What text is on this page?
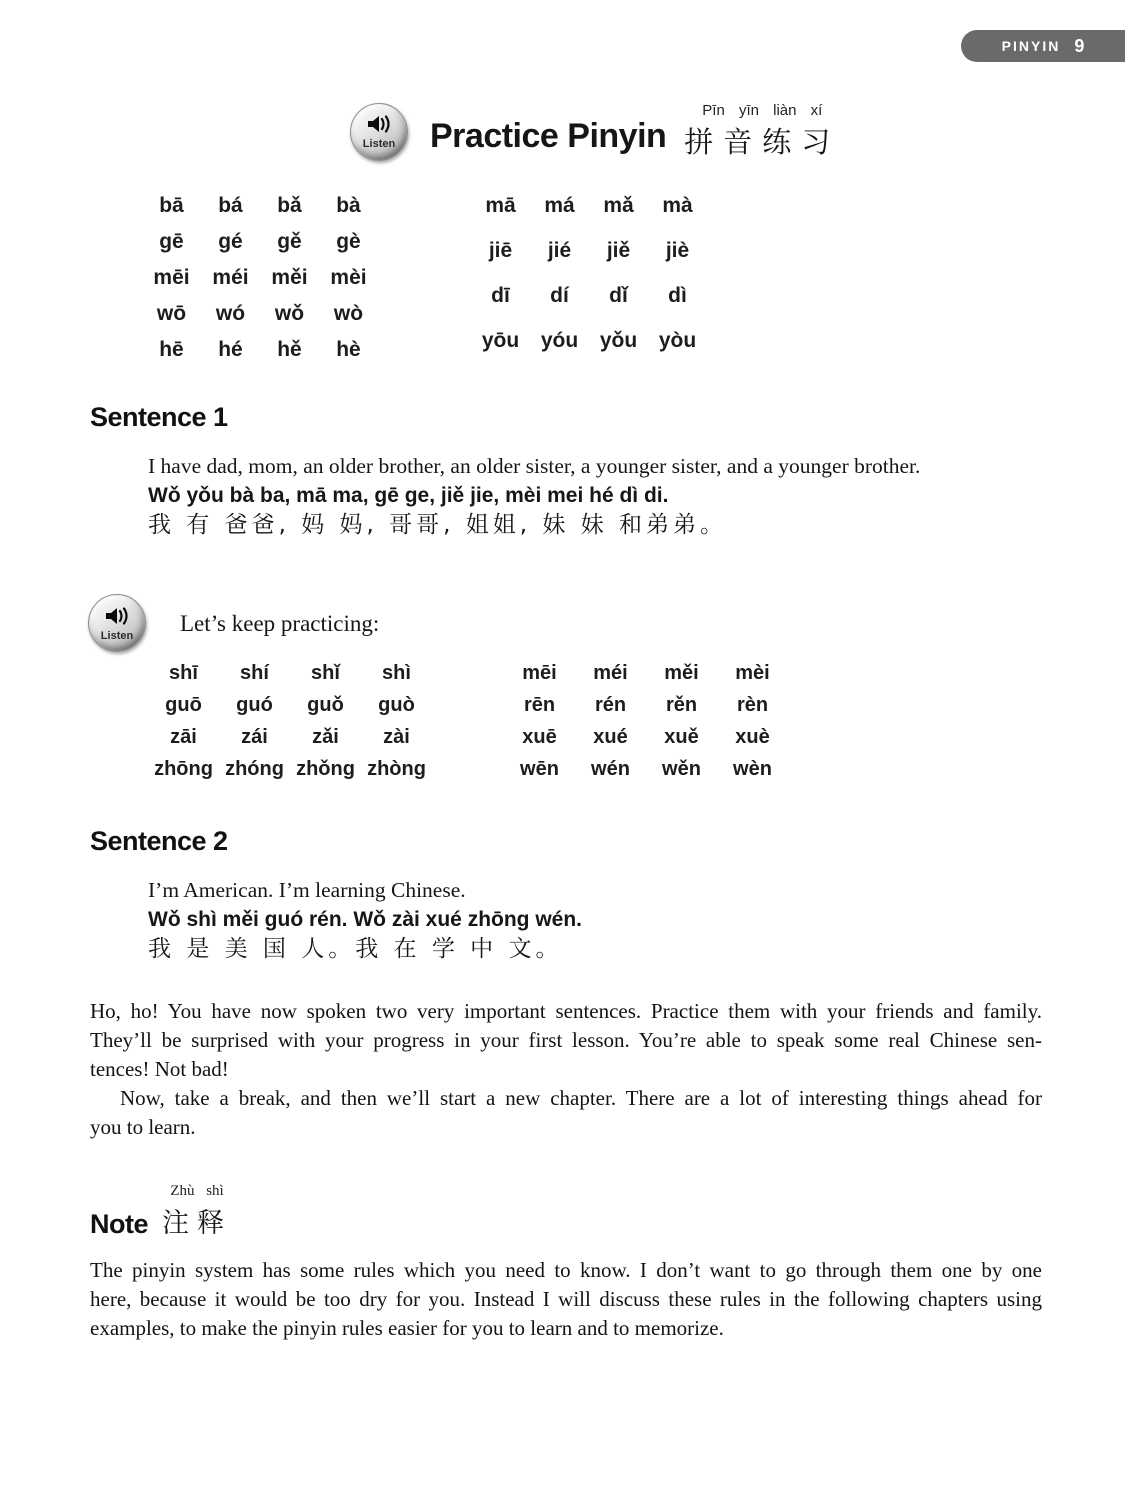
PINYIN 9
Listen Practice Pinyin
Pīn yīn liàn xí
拼音练习
bā	bá	bǎ	bà
gē	gé	gě	gè
mēi	méi	měi	mèi
wō	wó	wǒ	wò
hē	hé	hě	hè
mā	má	mǎ	mà
jiē	jié	jiě	jiè
dī	dí	dǐ	dì
yōu	yóu	yǒu	yòu
Sentence 1
I have dad, mom, an older brother, an older sister, a younger sister, and a younger brother.
Wǒ yǒu bà ba, mā ma, gē ge, jiě jie, mèi mei hé dì di.
我 有 爸爸, 妈 妈, 哥哥, 姐姐, 妹 妹 和弟弟。
Listen Let’s keep practicing:
shī	shí	shǐ	shì
guō	guó	guǒ	guò
zāi	zái	zǎi	zài
zhōng zhóng zhǒng zhòng
mēi	méi	měi	mèi
rēn	rén	rěn	rèn
xuē	xué	xuě	xuè
wēn	wén	wěn	wèn
Sentence 2
I’m American. I’m learning Chinese.
Wǒ shì měi guó rén. Wǒ zài xué zhōng wén.
我 是 美 国 人。我 在 学 中 文。
Ho, ho! You have now spoken two very important sentences. Practice them with your friends and family.
They’ll be surprised with your progress in your first lesson. You’re able to speak some real Chinese sen-
tences! Not bad!
Now, take a break, and then we’ll start a new chapter. There are a lot of interesting things ahead for
you to learn.
Note
Zhù shì
注释
The pinyin system has some rules which you need to know. I don’t want to go through them one by one
here, because it would be too dry for you. Instead I will discuss these rules in the following chapters using
examples, to make the pinyin rules easier for you to learn and to memorize.
